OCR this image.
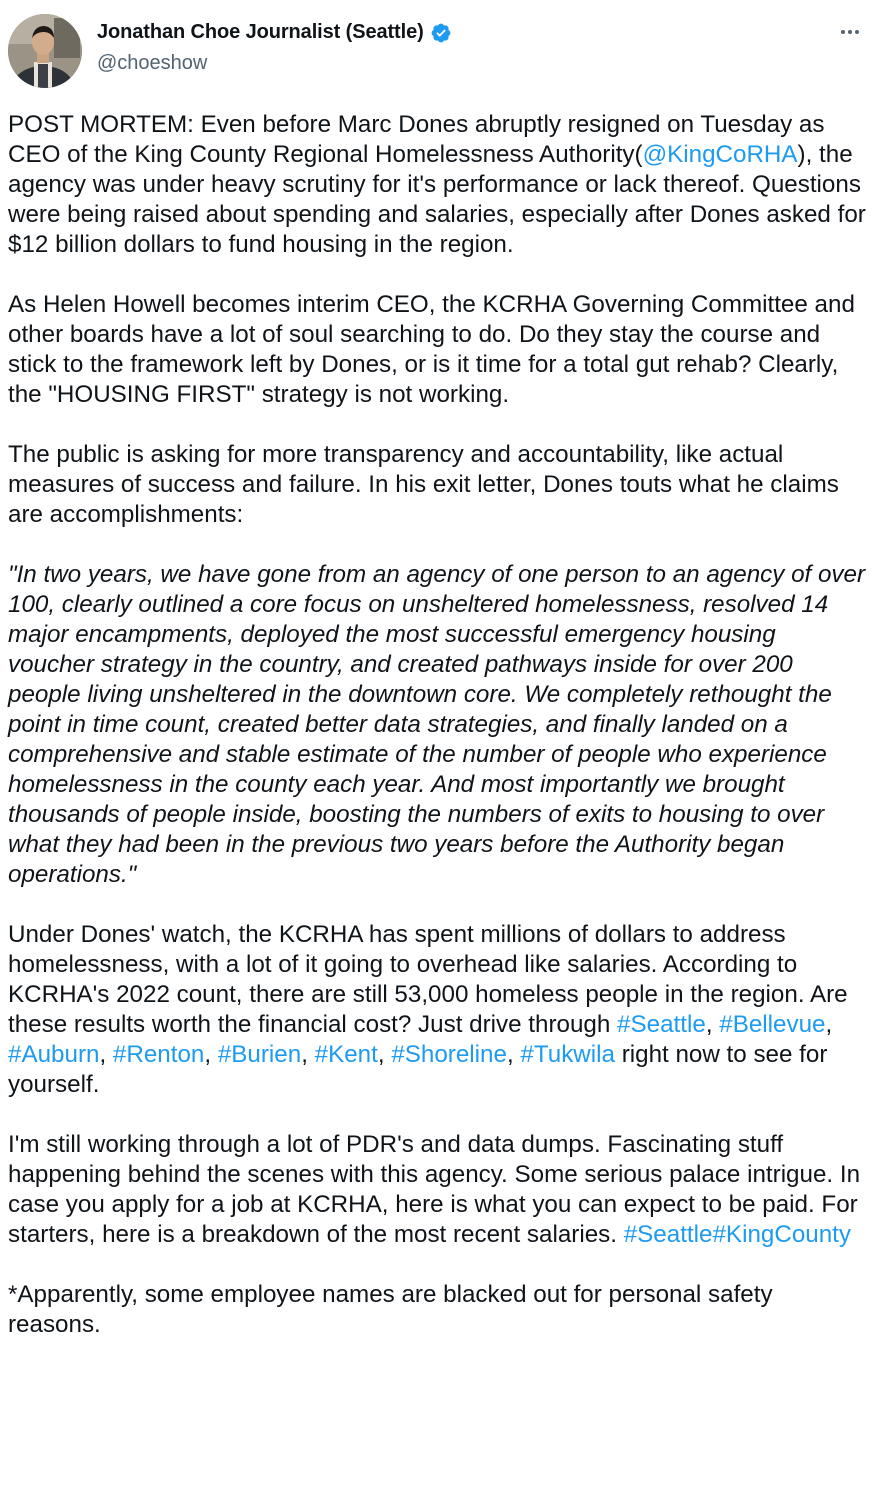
Jonathan Choe Journalist (Seattle)
@choeshow

POST MORTEM: Even before Marc Dones abruptly resigned on Tuesday as CEO of the King County Regional Homelessness Authority(@KingCoRHA), the agency was under heavy scrutiny for it's performance or lack thereof. Questions were being raised about spending and salaries, especially after Dones asked for $12 billion dollars to fund housing in the region.

As Helen Howell becomes interim CEO, the KCRHA Governing Committee and other boards have a lot of soul searching to do. Do they stay the course and stick to the framework left by Dones, or is it time for a total gut rehab? Clearly, the "HOUSING FIRST" strategy is not working.

The public is asking for more transparency and accountability, like actual measures of success and failure. In his exit letter, Dones touts what he claims are accomplishments:

"In two years, we have gone from an agency of one person to an agency of over 100, clearly outlined a core focus on unsheltered homelessness, resolved 14 major encampments, deployed the most successful emergency housing voucher strategy in the country, and created pathways inside for over 200 people living unsheltered in the downtown core. We completely rethought the point in time count, created better data strategies, and finally landed on a comprehensive and stable estimate of the number of people who experience homelessness in the county each year. And most importantly we brought thousands of people inside, boosting the numbers of exits to housing to over what they had been in the previous two years before the Authority began operations."

Under Dones' watch, the KCRHA has spent millions of dollars to address homelessness, with a lot of it going to overhead like salaries. According to KCRHA's 2022 count, there are still 53,000 homeless people in the region. Are these results worth the financial cost? Just drive through #Seattle, #Bellevue, #Auburn, #Renton, #Burien, #Kent, #Shoreline, #Tukwila right now to see for yourself.

I'm still working through a lot of PDR's and data dumps. Fascinating stuff happening behind the scenes with this agency. Some serious palace intrigue. In case you apply for a job at KCRHA, here is what you can expect to be paid. For starters, here is a breakdown of the most recent salaries. #Seattle#KingCounty

*Apparently, some employee names are blacked out for personal safety reasons.
